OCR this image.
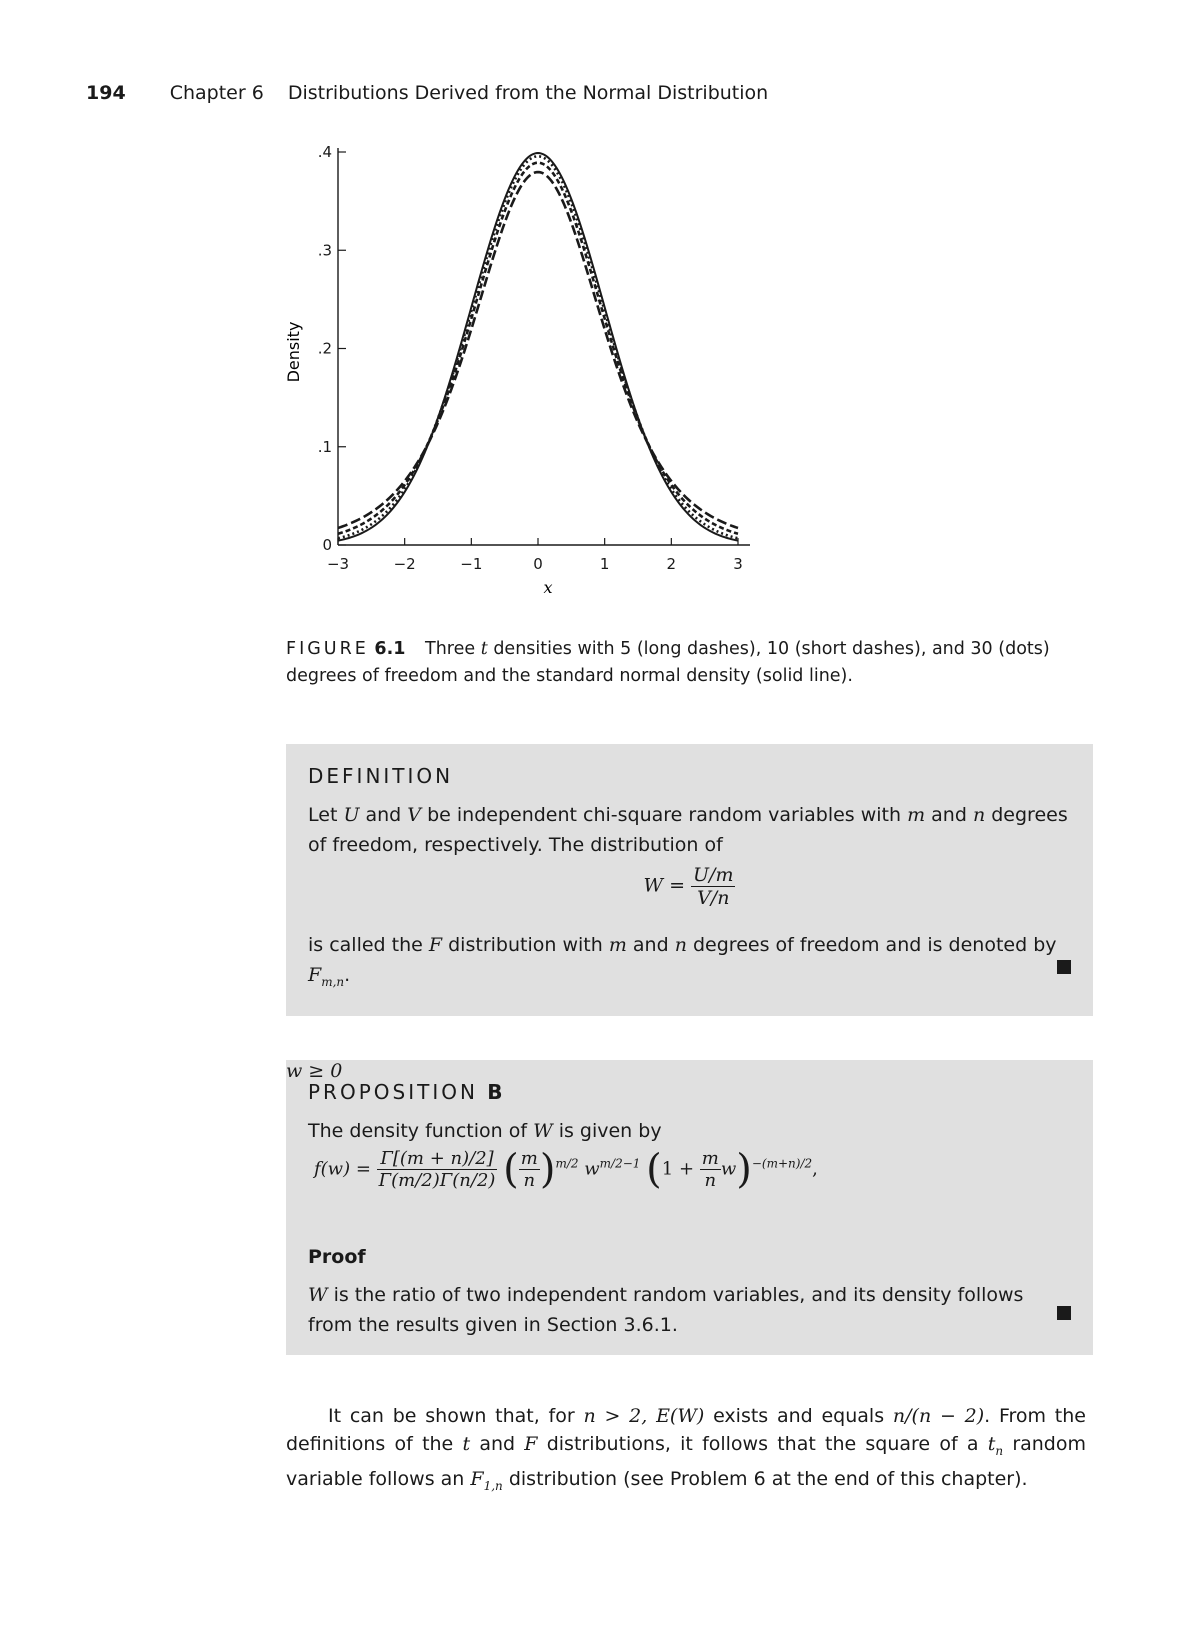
194 Chapter 6 Distributions Derived from the Normal Distribution
−3	−2	−1	0	1	2	3
0
.1
.2
.3
.4
x
Density
FIGURE 6.1 Three t densities with 5 (long dashes), 10 (short dashes), and 30 (dots) degrees of freedom and the standard normal density (solid line).
DEFINITION
Let U and V be independent chi-square random variables with m and n degrees of freedom, respectively. The distribution of
$W = \frac{U/m}{V/n}$
is called the F distribution with m and n degrees of freedom and is denoted by $F_{m,n}$.
PROPOSITION B
The density function of W is given by
$f(w) = \frac{\Gamma[(m + n)/2]}{\Gamma(m/2)\Gamma(n/2)}$ ( $\frac{m}{n} )^{m/2}$ $w^{m/2-1}$ $(1 + \frac{m}{n} w)^{-(m+n)/2}$,
w ≥ 0
Proof
W is the ratio of two independent random variables, and its density follows from the results given in Section 3.6.1.
It can be shown that, for n > 2, E(W) exists and equals n/(n − 2). From the definitions of the t and F distributions, it follows that the square of a $t_n$ random variable follows an $F_{1,n}$ distribution (see Problem 6 at the end of this chapter).
